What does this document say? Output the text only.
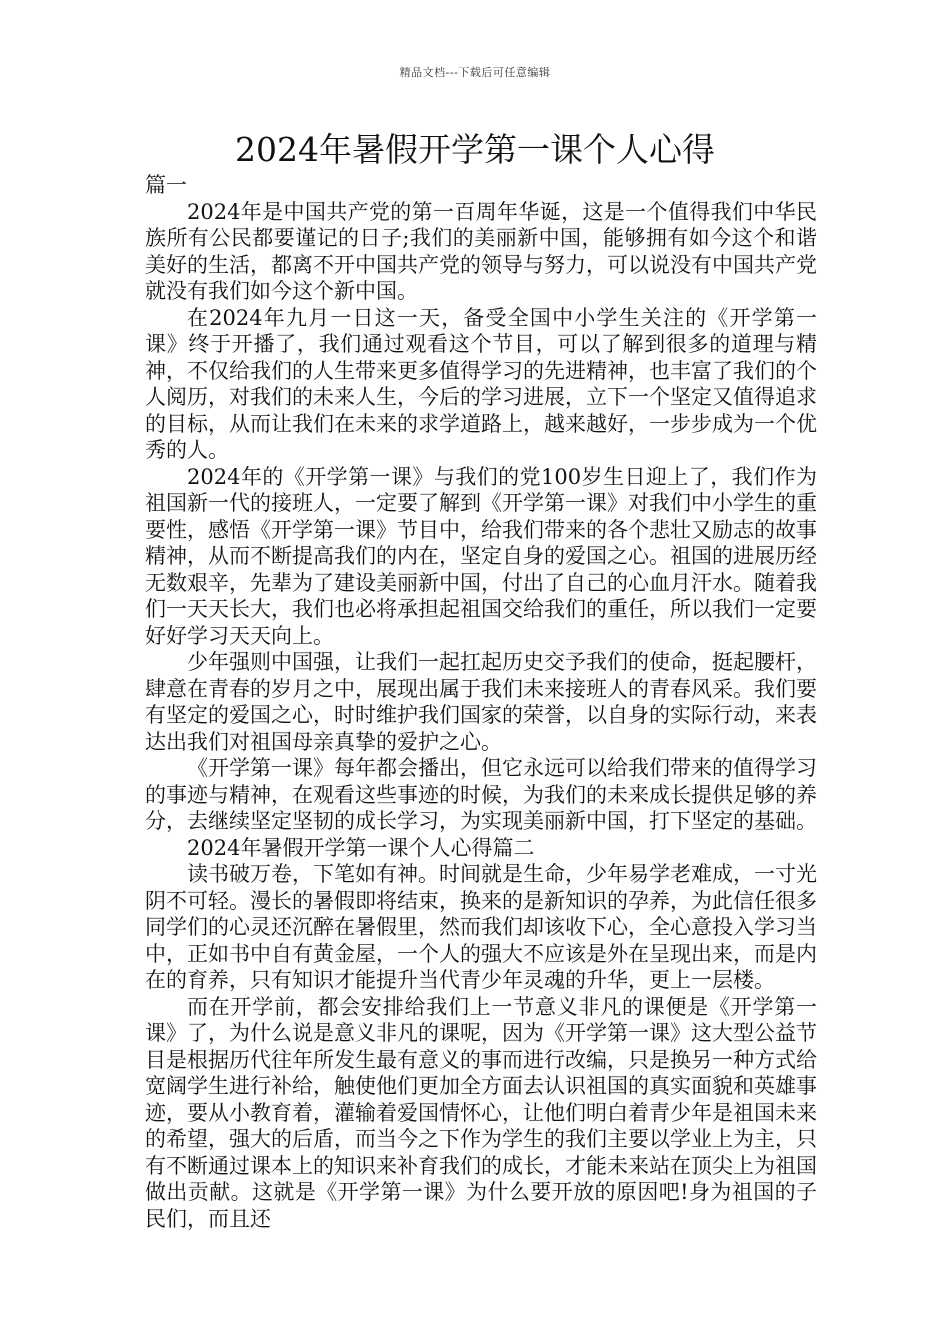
精品文档---下载后可任意编辑
2024年暑假开学第一课个人心得

篇一

2024年是中国共产党的第一百周年华诞，这是一个值得我们中华民族所有公民都要谨记的日子;我们的美丽新中国，能够拥有如今这个和谐美好的生活，都离不开中国共产党的领导与努力，可以说没有中国共产党就没有我们如今这个新中国。

在2024年九月一日这一天，备受全国中小学生关注的《开学第一课》终于开播了，我们通过观看这个节目，可以了解到很多的道理与精神，不仅给我们的人生带来更多值得学习的先进精神，也丰富了我们的个人阅历，对我们的未来人生，今后的学习进展，立下一个坚定又值得追求的目标，从而让我们在未来的求学道路上，越来越好，一步步成为一个优秀的人。

2024年的《开学第一课》与我们的党100岁生日迎上了，我们作为祖国新一代的接班人，一定要了解到《开学第一课》对我们中小学生的重要性，感悟《开学第一课》节目中，给我们带来的各个悲壮又励志的故事精神，从而不断提高我们的内在，坚定自身的爱国之心。祖国的进展历经无数艰辛，先辈为了建设美丽新中国，付出了自己的心血月汗水。随着我们一天天长大，我们也必将承担起祖国交给我们的重任，所以我们一定要好好学习天天向上。

少年强则中国强，让我们一起扛起历史交予我们的使命，挺起腰杆，肆意在青春的岁月之中，展现出属于我们未来接班人的青春风采。我们要有坚定的爱国之心，时时维护我们国家的荣誉，以自身的实际行动，来表达出我们对祖国母亲真挚的爱护之心。

《开学第一课》每年都会播出，但它永远可以给我们带来的值得学习的事迹与精神，在观看这些事迹的时候，为我们的未来成长提供足够的养分，去继续坚定坚韧的成长学习，为实现美丽新中国，打下坚定的基础。

2024年暑假开学第一课个人心得篇二

读书破万卷，下笔如有神。时间就是生命，少年易学老难成，一寸光阴不可轻。漫长的暑假即将结束，换来的是新知识的孕养，为此信任很多同学们的心灵还沉醉在暑假里，然而我们却该收下心，全心意投入学习当中，正如书中自有黄金屋，一个人的强大不应该是外在呈现出来，而是内在的育养，只有知识才能提升当代青少年灵魂的升华，更上一层楼。

而在开学前，都会安排给我们上一节意义非凡的课便是《开学第一课》了，为什么说是意义非凡的课呢，因为《开学第一课》这大型公益节目是根据历代往年所发生最有意义的事而进行改编，只是换另一种方式给宽阔学生进行补给，触使他们更加全方面去认识祖国的真实面貌和英雄事迹，要从小教育着，灌输着爱国情怀心，让他们明白着青少年是祖国未来的希望，强大的后盾，而当今之下作为学生的我们主要以学业上为主，只有不断通过课本上的知识来补育我们的成长，才能未来站在顶尖上为祖国做出贡献。这就是《开学第一课》为什么要开放的原因吧!身为祖国的子民们，而且还
